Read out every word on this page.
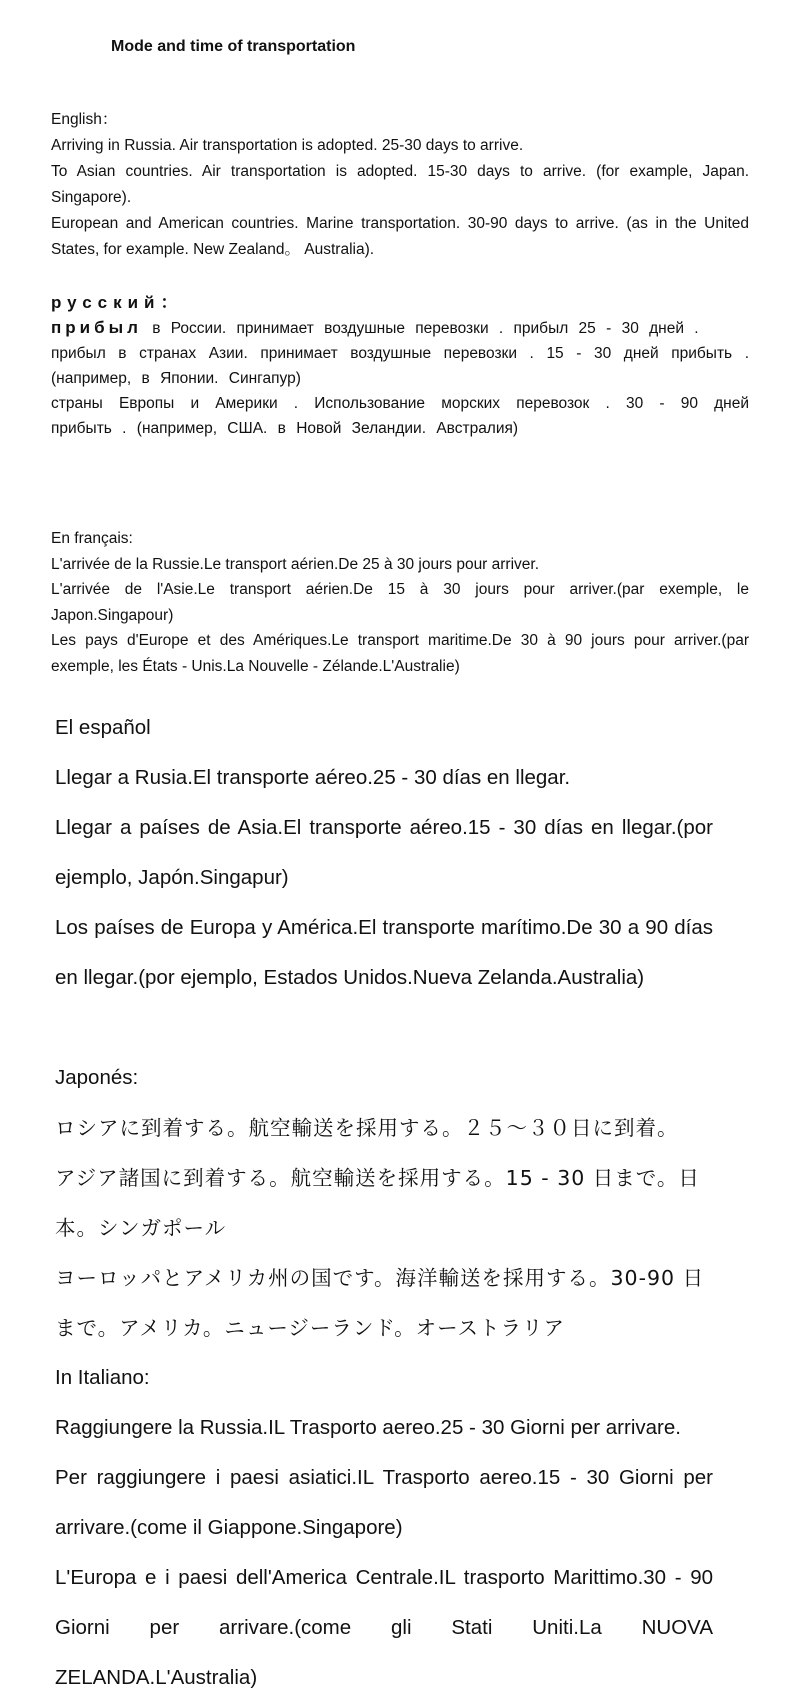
Mode and time of transportation

English：

Arriving in Russia. Air transportation is adopted. 25-30 days to arrive.

To Asian countries. Air transportation is adopted. 15-30 days to arrive. (for example, Japan. Singapore).

European and American countries. Marine transportation. 30-90 days to arrive. (as in the United States, for example. New Zealand。 Australia).

русский：

прибыл в России. принимает воздушные перевозки . прибыл 25 - 30 дней .

прибыл в странах Азии. принимает воздушные перевозки . 15 - 30 дней прибыть . (например, в Японии. Сингапур)

страны Европы и Америки . Использование морских перевозок . 30 - 90 дней прибыть . (например, США. в Новой Зеландии. Австралия)

En français:

L'arrivée de la Russie.Le transport aérien.De 25 à 30 jours pour arriver.

L'arrivée de l'Asie.Le transport aérien.De 15 à 30 jours pour arriver.(par exemple, le Japon.Singapour)

Les pays d'Europe et des Amériques.Le transport maritime.De 30 à 90 jours pour arriver.(par exemple, les États - Unis.La Nouvelle - Zélande.L'Australie)

El español

Llegar a Rusia.El transporte aéreo.25 - 30 días en llegar.

Llegar a países de Asia.El transporte aéreo.15 - 30 días en llegar.(por ejemplo, Japón.Singapur)

Los países de Europa y América.El transporte marítimo.De 30 a 90 días en llegar.(por ejemplo, Estados Unidos.Nueva Zelanda.Australia)

Japonés:

ロシアに到着する。航空輸送を採用する。２５～３０日に到着。

アジア諸国に到着する。航空輸送を採用する。15 - 30 日まで。日本。シンガポール

ヨーロッパとアメリカ州の国です。海洋輸送を採用する。30-90 日まで。アメリカ。ニュージーランド。オーストラリア

In Italiano:

Raggiungere la Russia.IL Trasporto aereo.25 - 30 Giorni per arrivare.

Per raggiungere i paesi asiatici.IL Trasporto aereo.15 - 30 Giorni per arrivare.(come il Giappone.Singapore)

L'Europa e i paesi dell'America Centrale.IL trasporto Marittimo.30 - 90 Giorni per arrivare.(come gli Stati Uniti.La NUOVA ZELANDA.L'Australia)
